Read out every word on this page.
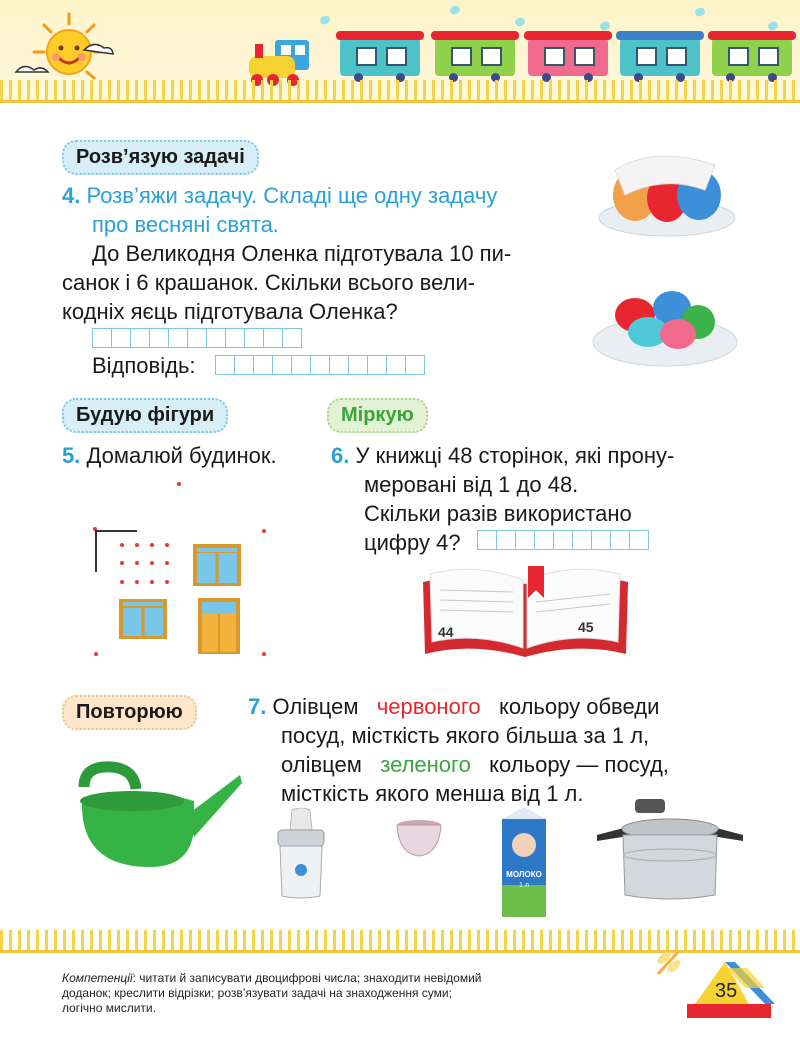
Розв’язую задачі
4. Розв’яжи задачу. Складі ще одну задачу
про весняні свята.
До Великодня Оленка підготувала 10 пи-
санок і 6 крашанок. Скільки всього вели-
кодніх яєць підготувала Оленка?
Відповідь:
Будую фігури	Міркую
5. Домалюй будинок. 6. У книжці 48 сторінок, які прону-
меровані від 1 до 48.
Скільки разів використано
цифру 4?
44	45
Повторюю	7. Олівцем червоного кольору обведи
посуд, місткість якого більша за 1 л,
олівцем зеленого кольору — посуд,
місткість якого менша від 1 л.
МОЛОКО
1 л
Компетенції: читати й записувати двоцифрові числа; знаходити невідомий
доданок; креслити відрізки; розв’язувати задачі на знаходження суми;
логічно мислити.
35
